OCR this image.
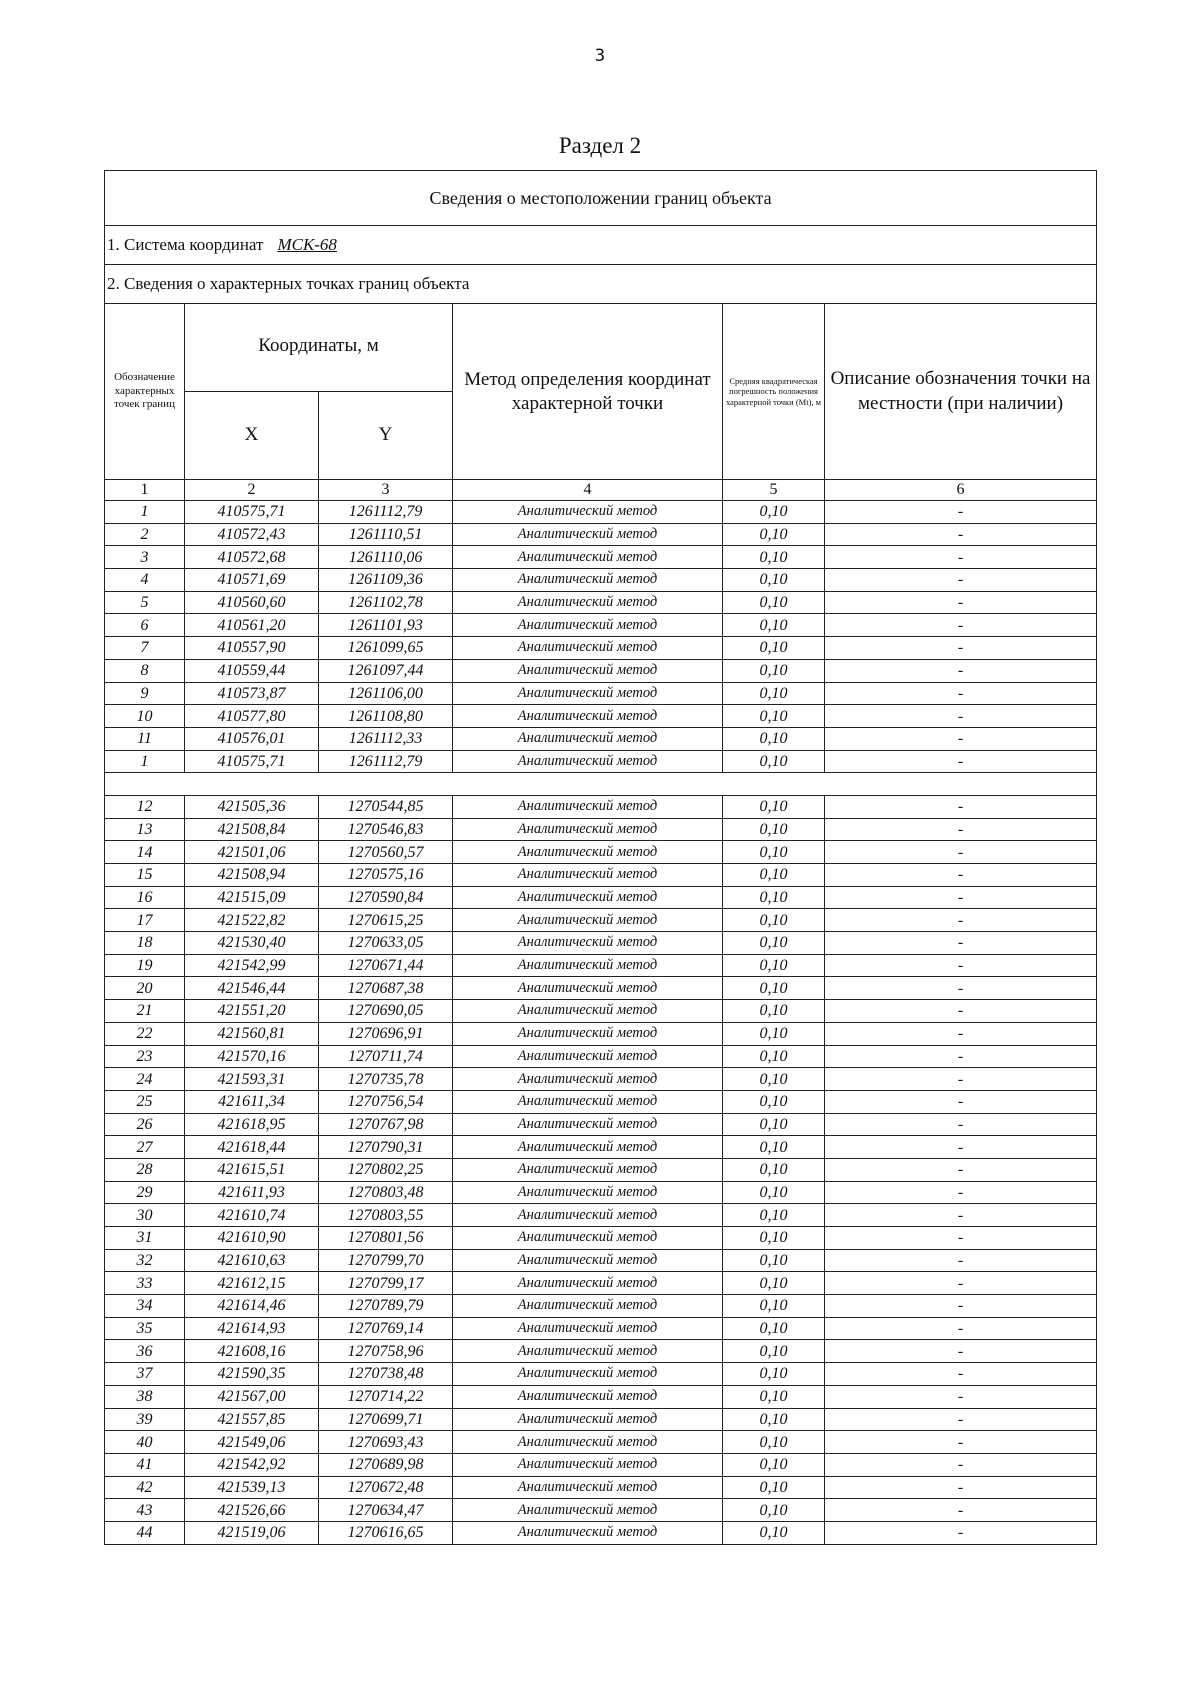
3
Раздел 2
Сведения о местоположении границ объекта					
1. Система координат МСК-68					
2. Сведения о характерных точках границ объекта					
Обозначение характерных точек границ	Координаты, м		Метод определения координат характерной точки	Средняя квадратическая погрешность положения характерной точки (Mt), м	Описание обозначения точки на местности (при наличии)
	X	Y			
1	2	3	4	5	6
1	410575,71	1261112,79	Аналитический метод	0,10	-
2	410572,43	1261110,51	Аналитический метод	0,10	-
3	410572,68	1261110,06	Аналитический метод	0,10	-
4	410571,69	1261109,36	Аналитический метод	0,10	-
5	410560,60	1261102,78	Аналитический метод	0,10	-
6	410561,20	1261101,93	Аналитический метод	0,10	-
7	410557,90	1261099,65	Аналитический метод	0,10	-
8	410559,44	1261097,44	Аналитический метод	0,10	-
9	410573,87	1261106,00	Аналитический метод	0,10	-
10	410577,80	1261108,80	Аналитический метод	0,10	-
11	410576,01	1261112,33	Аналитический метод	0,10	-
1	410575,71	1261112,79	Аналитический метод	0,10	-

12	421505,36	1270544,85	Аналитический метод	0,10	-
13	421508,84	1270546,83	Аналитический метод	0,10	-
14	421501,06	1270560,57	Аналитический метод	0,10	-
15	421508,94	1270575,16	Аналитический метод	0,10	-
16	421515,09	1270590,84	Аналитический метод	0,10	-
17	421522,82	1270615,25	Аналитический метод	0,10	-
18	421530,40	1270633,05	Аналитический метод	0,10	-
19	421542,99	1270671,44	Аналитический метод	0,10	-
20	421546,44	1270687,38	Аналитический метод	0,10	-
21	421551,20	1270690,05	Аналитический метод	0,10	-
22	421560,81	1270696,91	Аналитический метод	0,10	-
23	421570,16	1270711,74	Аналитический метод	0,10	-
24	421593,31	1270735,78	Аналитический метод	0,10	-
25	421611,34	1270756,54	Аналитический метод	0,10	-
26	421618,95	1270767,98	Аналитический метод	0,10	-
27	421618,44	1270790,31	Аналитический метод	0,10	-
28	421615,51	1270802,25	Аналитический метод	0,10	-
29	421611,93	1270803,48	Аналитический метод	0,10	-
30	421610,74	1270803,55	Аналитический метод	0,10	-
31	421610,90	1270801,56	Аналитический метод	0,10	-
32	421610,63	1270799,70	Аналитический метод	0,10	-
33	421612,15	1270799,17	Аналитический метод	0,10	-
34	421614,46	1270789,79	Аналитический метод	0,10	-
35	421614,93	1270769,14	Аналитический метод	0,10	-
36	421608,16	1270758,96	Аналитический метод	0,10	-
37	421590,35	1270738,48	Аналитический метод	0,10	-
38	421567,00	1270714,22	Аналитический метод	0,10	-
39	421557,85	1270699,71	Аналитический метод	0,10	-
40	421549,06	1270693,43	Аналитический метод	0,10	-
41	421542,92	1270689,98	Аналитический метод	0,10	-
42	421539,13	1270672,48	Аналитический метод	0,10	-
43	421526,66	1270634,47	Аналитический метод	0,10	-
44	421519,06	1270616,65	Аналитический метод	0,10	-
